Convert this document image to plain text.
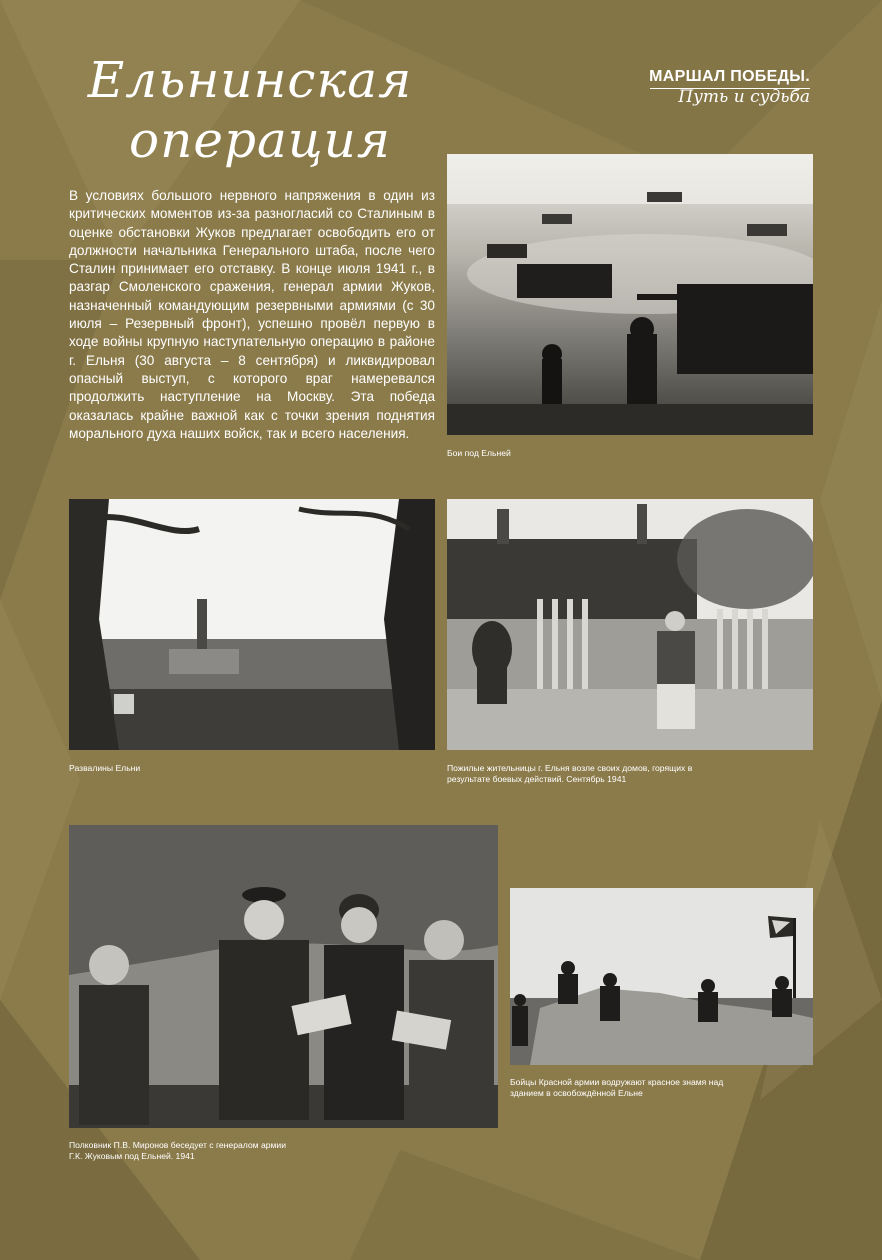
Ельнинская
операция
МАРШАЛ ПОБЕДЫ.
Путь и судьба
В условиях большого нервного напряжения в один из критических моментов из-за разногласий со Сталиным в оценке обстановки Жуков предлагает освободить его от должности начальника Генерального штаба, после чего Сталин принимает его отставку. В конце июля 1941 г., в разгар Смоленского сражения, генерал армии Жуков, назначенный командующим резервными армиями (с 30 июля – Резервный фронт), успешно провёл первую в ходе войны крупную наступательную операцию в районе г. Ельня (30 августа – 8 сентября) и ликвидировал опасный выступ, с которого враг намеревался продолжить наступление на Москву. Эта победа оказалась крайне важной как с точки зрения поднятия морального духа наших войск, так и всего населения.
Бои под Ельней
Развалины Ельни	Пожилые жительницы г. Ельня возле своих домов, горящих в результате боевых действий. Сентябрь 1941
Полковник П.В. Миронов беседует с генералом армии Г.К. Жуковым под Ельней. 1941
Бойцы Красной армии водружают красное знамя над зданием в освобождённой Ельне
